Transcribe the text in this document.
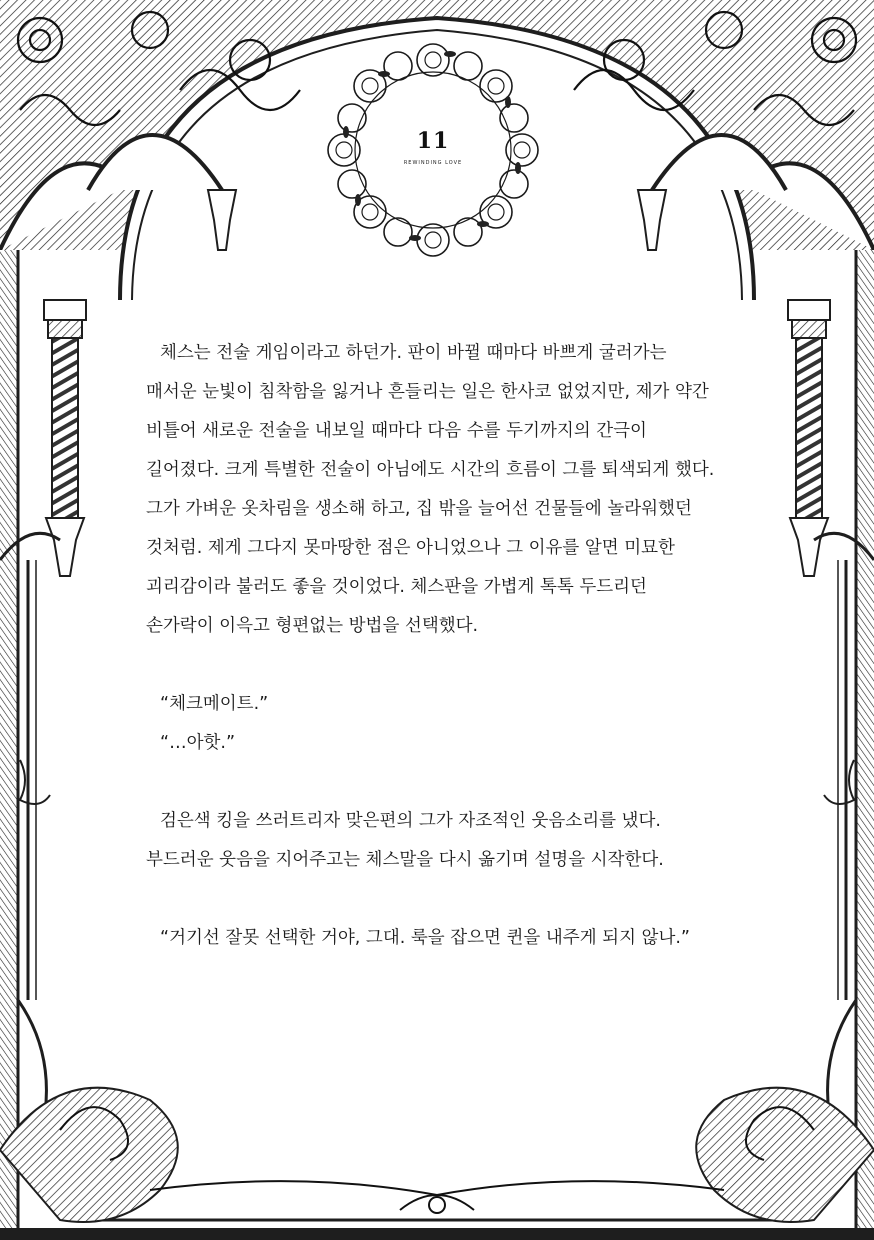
11
REWINDING LOVE

체스는 전술 게임이라고 하던가. 판이 바뀔 때마다 바쁘게 굴러가는
매서운 눈빛이 침착함을 잃거나 흔들리는 일은 한사코 없었지만, 제가 약간
비틀어 새로운 전술을 내보일 때마다 다음 수를 두기까지의 간극이
길어졌다. 크게 특별한 전술이 아님에도 시간의 흐름이 그를 퇴색되게 했다.
그가 가벼운 옷차림을 생소해 하고, 집 밖을 늘어선 건물들에 놀라워했던
것처럼. 제게 그다지 못마땅한 점은 아니었으나 그 이유를 알면 미묘한
괴리감이라 불러도 좋을 것이었다. 체스판을 가볍게 톡톡 두드리던
손가락이 이윽고 형편없는 방법을 선택했다.

“체크메이트.”

“…아핫.”

검은색 킹을 쓰러트리자 맞은편의 그가 자조적인 웃음소리를 냈다.
부드러운 웃음을 지어주고는 체스말을 다시 옮기며 설명을 시작한다.

“거기선 잘못 선택한 거야, 그대. 룩을 잡으면 퀸을 내주게 되지 않나.”
